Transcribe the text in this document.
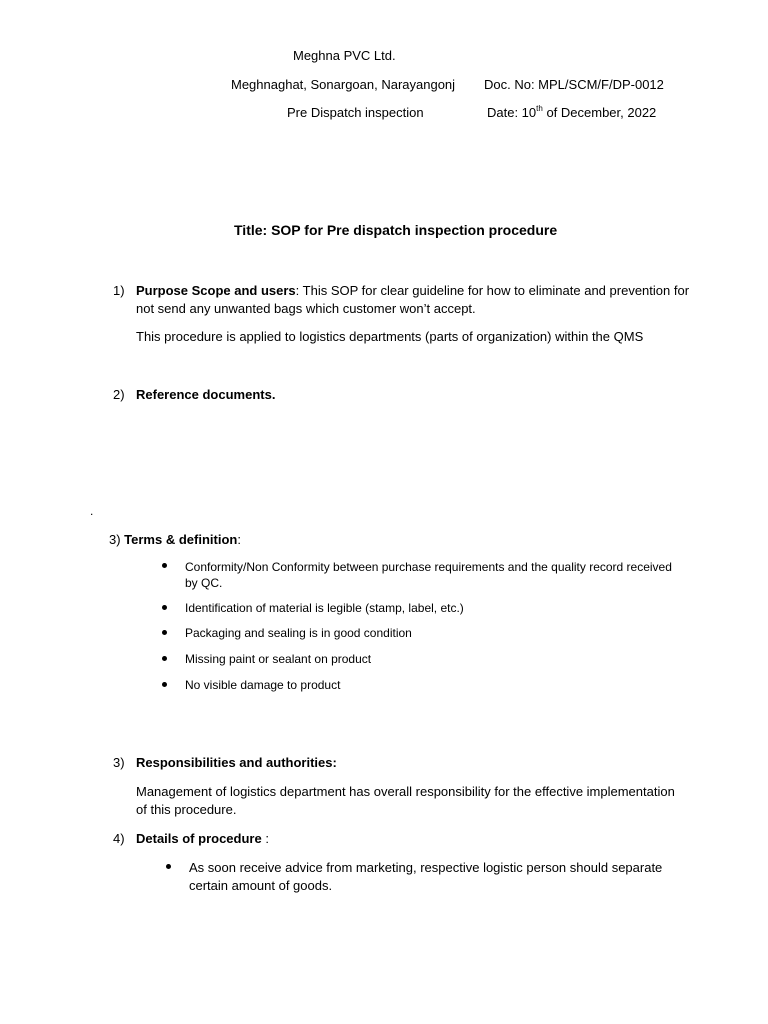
Meghna PVC Ltd.
Meghnaghat, Sonargoan, Narayangonj Doc. No: MPL/SCM/F/DP-0012
Pre Dispatch inspection	Date: 10th of December, 2022
Title: SOP for Pre dispatch inspection procedure
1) Purpose Scope and users: This SOP for clear guideline for how to eliminate and prevention for
not send any unwanted bags which customer won’t accept.
This procedure is applied to logistics departments (parts of organization) within the QMS
2) Reference documents.
.
3) Terms & definition:
Conformity/Non Conformity between purchase requirements and the quality record received
by QC.
Identification of material is legible (stamp, label, etc.)
Packaging and sealing is in good condition
Missing paint or sealant on product
No visible damage to product
3) Responsibilities and authorities:
Management of logistics department has overall responsibility for the effective implementation
of this procedure.
4) Details of procedure :
As soon receive advice from marketing, respective logistic person should separate
certain amount of goods.
